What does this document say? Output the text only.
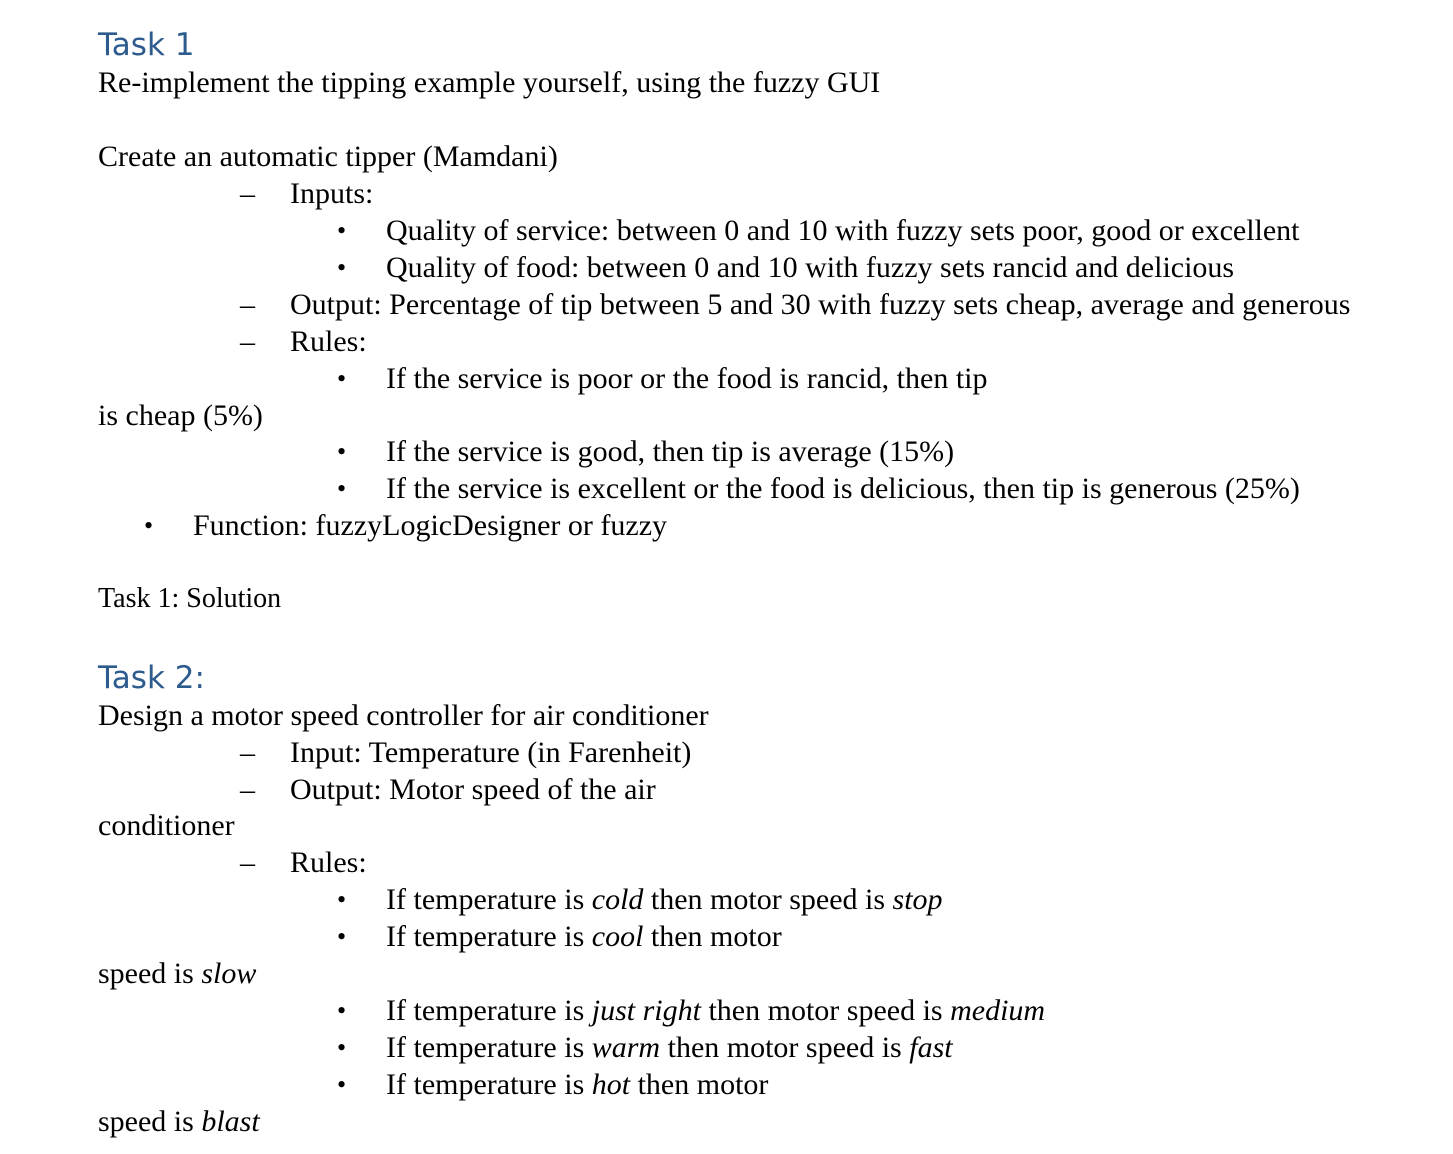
Task 1
Re-implement the tipping example yourself, using the fuzzy GUI
Create an automatic tipper (Mamdani)
– Inputs:
• Quality of service: between 0 and 10 with fuzzy sets poor, good or excellent
• Quality of food: between 0 and 10 with fuzzy sets rancid and delicious
– Output: Percentage of tip between 5 and 30 with fuzzy sets cheap, average and generous
– Rules:
• If the service is poor or the food is rancid, then tip
is cheap (5%)
• If the service is good, then tip is average (15%)
• If the service is excellent or the food is delicious, then tip is generous (25%)
• Function: fuzzyLogicDesigner or fuzzy
Task 1: Solution
Task 2:
Design a motor speed controller for air conditioner
– Input: Temperature (in Farenheit)
– Output: Motor speed of the air
conditioner
– Rules:
• If temperature is cold then motor speed is stop
• If temperature is cool then motor
speed is slow
• If temperature is just right then motor speed is medium
• If temperature is warm then motor speed is fast
• If temperature is hot then motor
speed is blast
